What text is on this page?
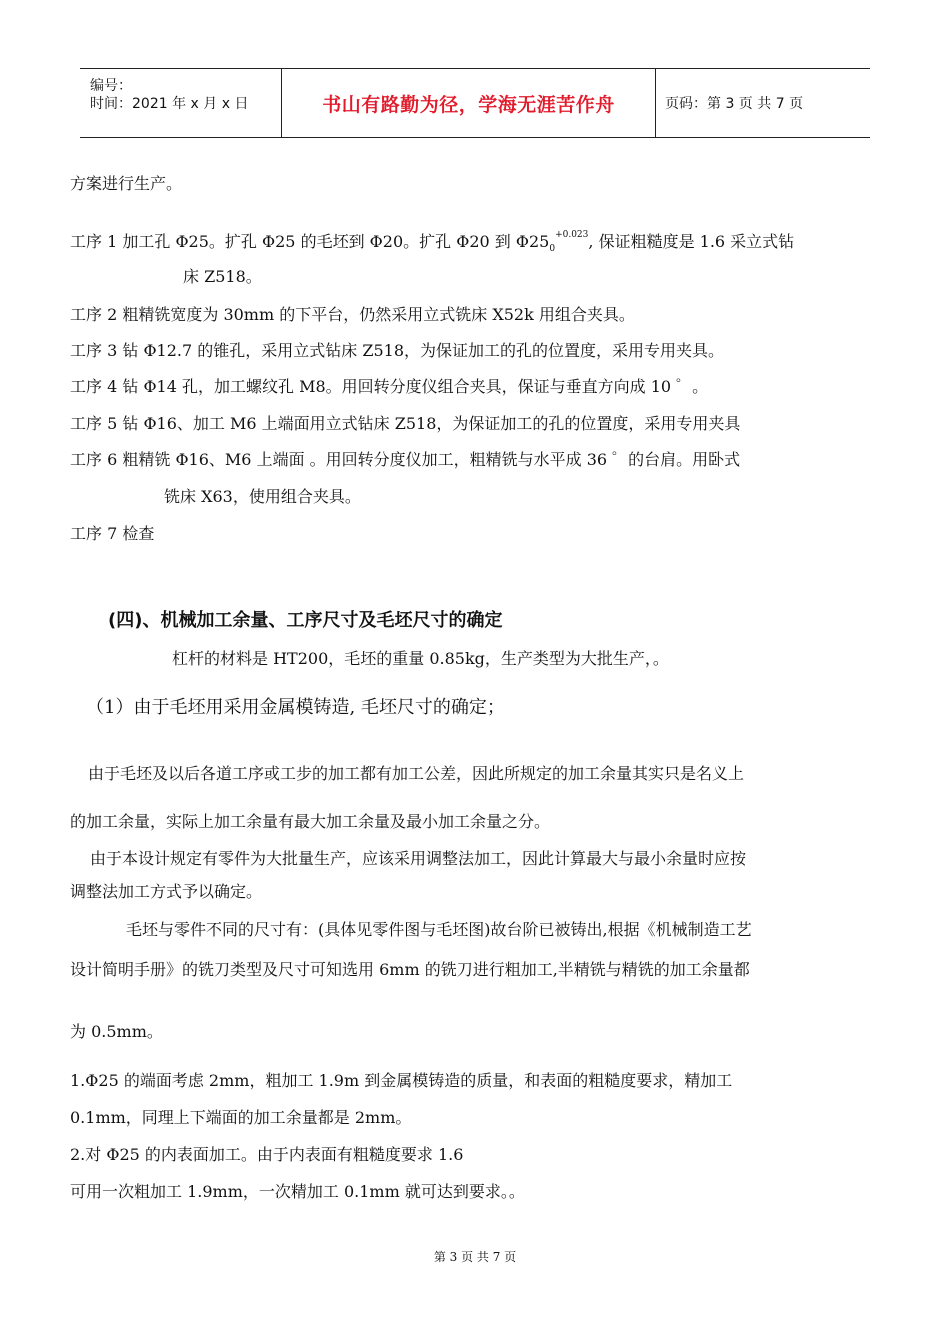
编号：
时间：2021 年 x 月 x 日	书山有路勤为径，学海无涯苦作舟	页码：第 3 页 共 7 页
方案进行生产。
工序 1 加工孔 Φ25。扩孔 Φ25 的毛坯到 Φ20。扩孔 Φ20 到 $\Phi 25_0^{+0.023}$, 保证粗糙度是 1.6 采立式钻
床 Z518。
工序 2 粗精铣宽度为 30mm 的下平台，仍然采用立式铣床 X52k 用组合夹具。
工序 3 钻 Φ12.7 的锥孔，采用立式钻床 Z518，为保证加工的孔的位置度，采用专用夹具。
工序 4 钻 Φ14 孔，加工螺纹孔 M8。用回转分度仪组合夹具，保证与垂直方向成 10 ゜。
工序 5 钻 Φ16、加工 M6 上端面用立式钻床 Z518，为保证加工的孔的位置度，采用专用夹具
工序 6 粗精铣 Φ16、M6 上端面 。用回转分度仪加工，粗精铣与水平成 36 ゜的台肩。用卧式
铣床 X63，使用组合夹具。
工序 7 检查
(四)、机械加工余量、工序尺寸及毛坯尺寸的确定
杠杆的材料是 HT200，毛坯的重量 0.85kg，生产类型为大批生产，。
（1）由于毛坯用采用金属模铸造, 毛坯尺寸的确定；
由于毛坯及以后各道工序或工步的加工都有加工公差，因此所规定的加工余量其实只是名义上
的加工余量，实际上加工余量有最大加工余量及最小加工余量之分。
由于本设计规定有零件为大批量生产，应该采用调整法加工，因此计算最大与最小余量时应按
调整法加工方式予以确定。
毛坯与零件不同的尺寸有：(具体见零件图与毛坯图)故台阶已被铸出,根据《机械制造工艺
设计简明手册》的铣刀类型及尺寸可知选用 6mm 的铣刀进行粗加工,半精铣与精铣的加工余量都
为 0.5mm。
1.Φ25 的端面考虑 2mm，粗加工 1.9m 到金属模铸造的质量，和表面的粗糙度要求，精加工
0.1mm，同理上下端面的加工余量都是 2mm。
2.对 Φ25 的内表面加工。由于内表面有粗糙度要求 1.6
可用一次粗加工 1.9mm，一次精加工 0.1mm 就可达到要求。。
第 3 页 共 7 页
